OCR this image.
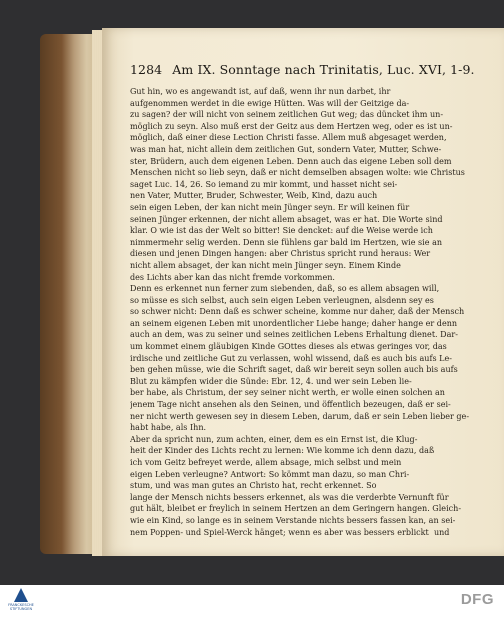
1284 Am IX. Sonntage nach Trinitatis, Luc. XVI, 1-9.
Gut hin, wo es angewandt ist, auf daß, wenn ihr nun darbet, ihr
aufgenommen werdet in die ewige Hütten. Was will der Geitzige da-
zu sagen? der will nicht von seinem zeitlichen Gut weg; das düncket ihm un-
möglich zu seyn. Also muß erst der Geitz aus dem Hertzen weg, oder es ist un-
möglich, daß einer diese Lection Christi fasse. Allem muß abgesaget werden,
was man hat, nicht allein dem zeitlichen Gut, sondern Vater, Mutter, Schwe-
ster, Brüdern, auch dem eigenen Leben. Denn auch das eigene Leben soll dem
Menschen nicht so lieb seyn, daß er nicht demselben absagen wolte: wie Christus
saget Luc. 14, 26. So iemand zu mir kommt, und hasset nicht sei-
nen Vater, Mutter, Bruder, Schwester, Weib, Kind, dazu auch
sein eigen Leben, der kan nicht mein Jünger seyn. Er will keinen für
seinen Jünger erkennen, der nicht allem absaget, was er hat. Die Worte sind
klar. O wie ist das der Welt so bitter! Sie dencket: auf die Weise werde ich
nimmermehr selig werden. Denn sie fühlens gar bald im Hertzen, wie sie an
diesen und jenen Dingen hangen: aber Christus spricht rund heraus: Wer
nicht allem absaget, der kan nicht mein Jünger seyn. Einem Kinde
des Lichts aber kan das nicht fremde vorkommen.
Denn es erkennet nun ferner zum siebenden, daß, so es allem absagen will,
so müsse es sich selbst, auch sein eigen Leben verleugnen, alsdenn sey es
so schwer nicht: Denn daß es schwer scheine, komme nur daher, daß der Mensch
an seinem eigenen Leben mit unordentlicher Liebe hange; daher hange er denn
auch an dem, was zu seiner und seines zeitlichen Lebens Erhaltung dienet. Dar-
um kommet einem gläubigen Kinde GOttes dieses als etwas geringes vor, das
irdische und zeitliche Gut zu verlassen, wohl wissend, daß es auch bis aufs Le-
ben gehen müsse, wie die Schrift saget, daß wir bereit seyn sollen auch bis aufs
Blut zu kämpfen wider die Sünde: Ebr. 12, 4. und wer sein Leben lie-
ber habe, als Christum, der sey seiner nicht werth, er wolle einen solchen an
jenem Tage nicht ansehen als den Seinen, und öffentlich bezeugen, daß er sei-
ner nicht werth gewesen sey in diesem Leben, darum, daß er sein Leben lieber ge-
habt habe, als Ihn.
Aber da spricht nun, zum achten, einer, dem es ein Ernst ist, die Klug-
heit der Kinder des Lichts recht zu lernen: Wie komme ich denn dazu, daß
ich vom Geitz befreyet werde, allem absage, mich selbst und mein
eigen Leben verleugne? Antwort: So kömmt man dazu, so man Chri-
stum, und was man gutes an Christo hat, recht erkennet. So
lange der Mensch nichts bessers erkennet, als was die verderbte Vernunft für
gut hält, bleibet er freylich in seinem Hertzen an dem Geringern hangen. Gleich-
wie ein Kind, so lange es in seinem Verstande nichts bessers fassen kan, an sei-
nem Poppen- und Spiel-Werck hänget; wenn es aber was bessers erblickt und
FRANCKESCHE STIFTUNGEN
DFG
